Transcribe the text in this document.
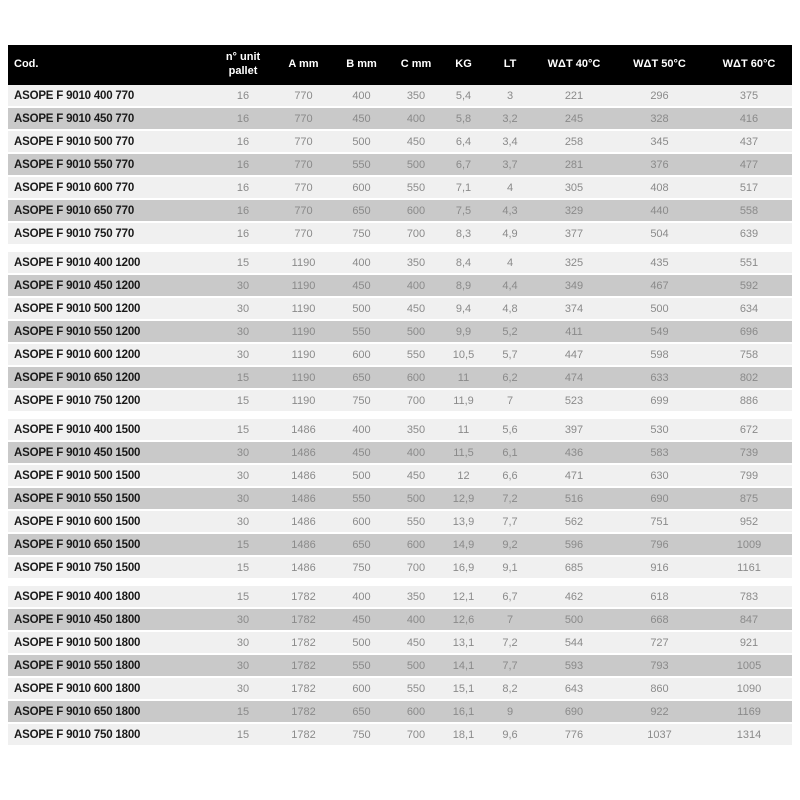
Cod.	n° unit pallet	A mm	B mm	C mm	KG	LT	WΔT 40°C	WΔT 50°C	WΔT 60°C
ASOPE F 9010 400 770	16	770	400	350	5,4	3	221	296	375
ASOPE F 9010 450 770	16	770	450	400	5,8	3,2	245	328	416
ASOPE F 9010 500 770	16	770	500	450	6,4	3,4	258	345	437
ASOPE F 9010 550 770	16	770	550	500	6,7	3,7	281	376	477
ASOPE F 9010 600 770	16	770	600	550	7,1	4	305	408	517
ASOPE F 9010 650 770	16	770	650	600	7,5	4,3	329	440	558
ASOPE F 9010 750 770	16	770	750	700	8,3	4,9	377	504	639
ASOPE F 9010 400 1200	15	1190	400	350	8,4	4	325	435	551
ASOPE F 9010 450 1200	30	1190	450	400	8,9	4,4	349	467	592
ASOPE F 9010 500 1200	30	1190	500	450	9,4	4,8	374	500	634
ASOPE F 9010 550 1200	30	1190	550	500	9,9	5,2	411	549	696
ASOPE F 9010 600 1200	30	1190	600	550	10,5	5,7	447	598	758
ASOPE F 9010 650 1200	15	1190	650	600	11	6,2	474	633	802
ASOPE F 9010 750 1200	15	1190	750	700	11,9	7	523	699	886
ASOPE F 9010 400 1500	15	1486	400	350	11	5,6	397	530	672
ASOPE F 9010 450 1500	30	1486	450	400	11,5	6,1	436	583	739
ASOPE F 9010 500 1500	30	1486	500	450	12	6,6	471	630	799
ASOPE F 9010 550 1500	30	1486	550	500	12,9	7,2	516	690	875
ASOPE F 9010 600 1500	30	1486	600	550	13,9	7,7	562	751	952
ASOPE F 9010 650 1500	15	1486	650	600	14,9	9,2	596	796	1009
ASOPE F 9010 750 1500	15	1486	750	700	16,9	9,1	685	916	1161
ASOPE F 9010 400 1800	15	1782	400	350	12,1	6,7	462	618	783
ASOPE F 9010 450 1800	30	1782	450	400	12,6	7	500	668	847
ASOPE F 9010 500 1800	30	1782	500	450	13,1	7,2	544	727	921
ASOPE F 9010 550 1800	30	1782	550	500	14,1	7,7	593	793	1005
ASOPE F 9010 600 1800	30	1782	600	550	15,1	8,2	643	860	1090
ASOPE F 9010 650 1800	15	1782	650	600	16,1	9	690	922	1169
ASOPE F 9010 750 1800	15	1782	750	700	18,1	9,6	776	1037	1314
